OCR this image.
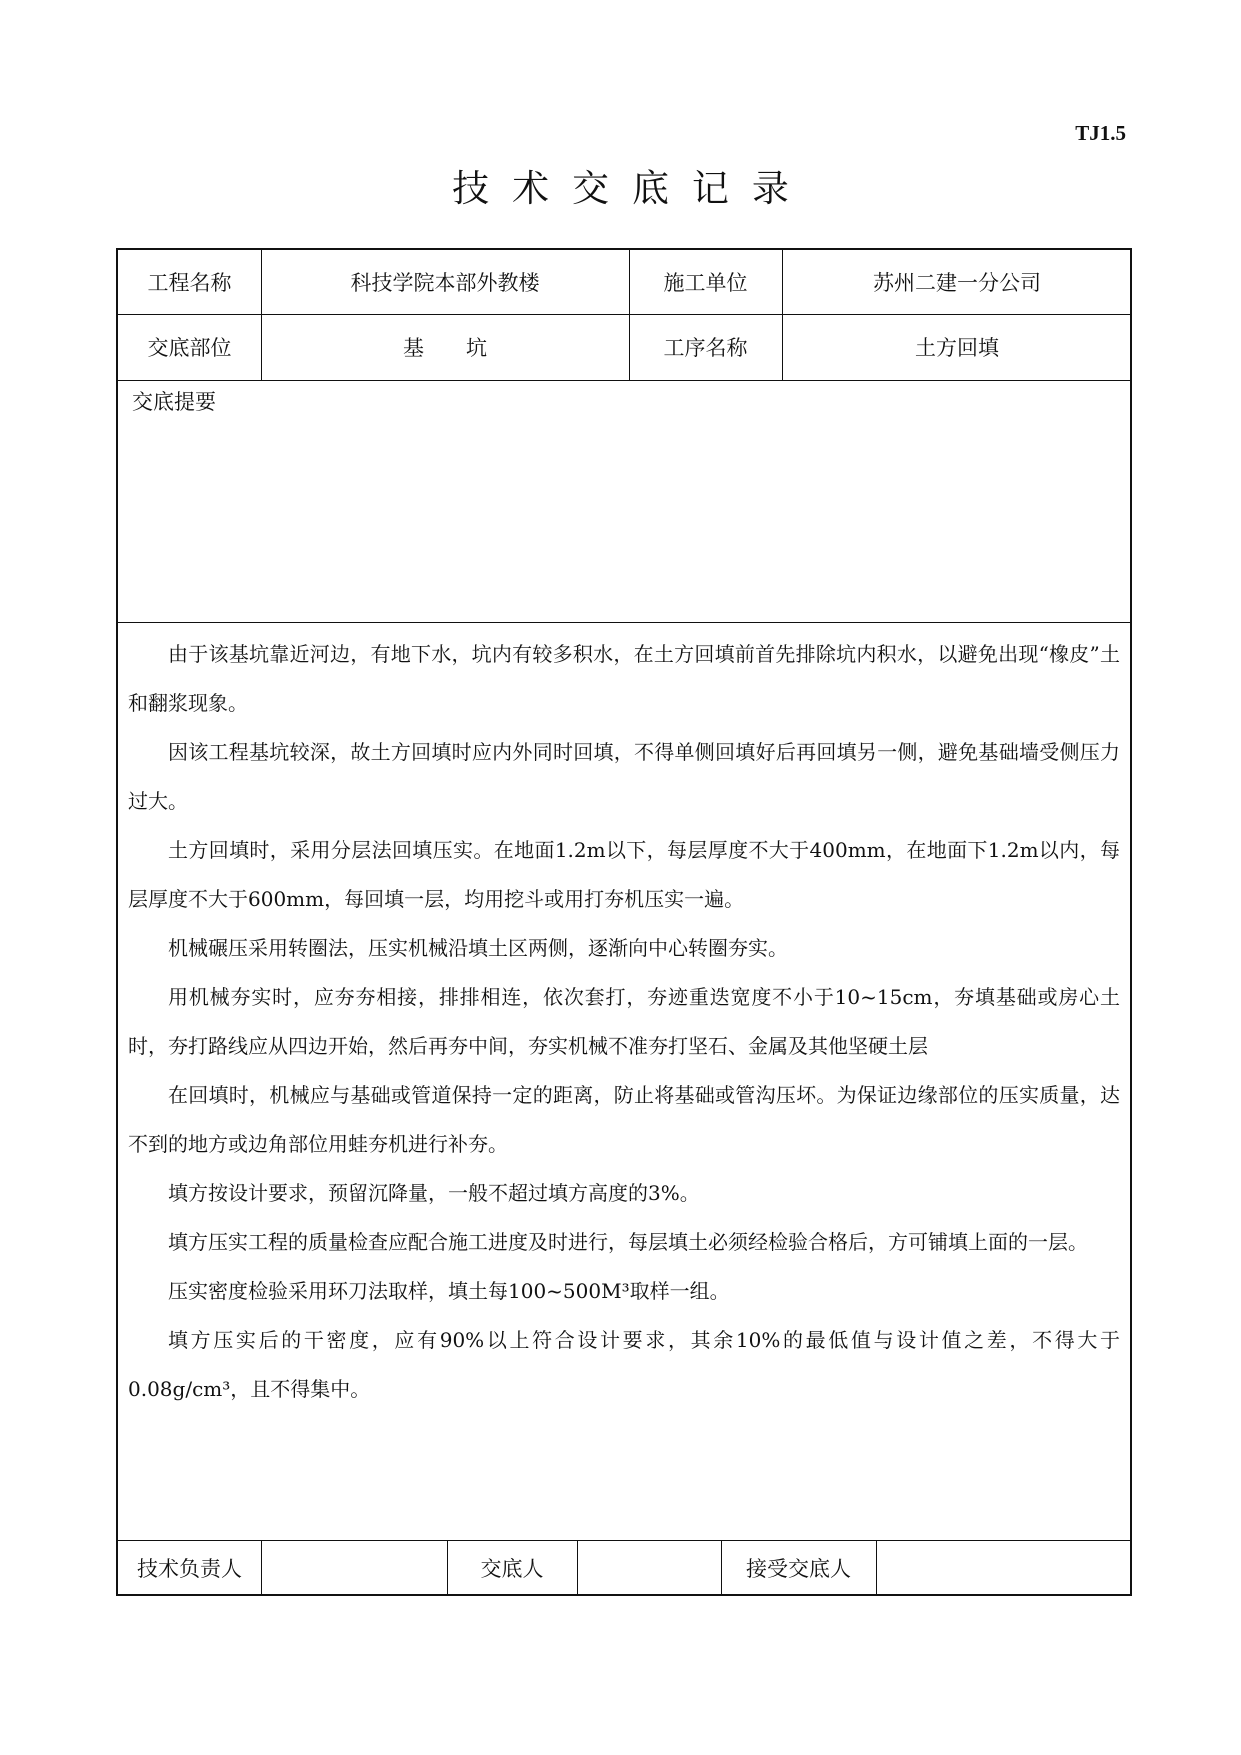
TJ1.5
技术交底记录
工程名称	科技学院本部外教楼	施工单位	苏州二建一分公司
交底部位	基　　坑	工序名称	土方回填
交底提要

由于该基坑靠近河边，有地下水，坑内有较多积水，在土方回填前首先排除坑内积水，以避免出现“橡皮”土和翻浆现象。

因该工程基坑较深，故土方回填时应内外同时回填，不得单侧回填好后再回填另一侧，避免基础墙受侧压力过大。

土方回填时，采用分层法回填压实。在地面1.2m以下，每层厚度不大于400mm，在地面下1.2m以内，每层厚度不大于600mm，每回填一层，均用挖斗或用打夯机压实一遍。

机械碾压采用转圈法，压实机械沿填土区两侧，逐渐向中心转圈夯实。

用机械夯实时，应夯夯相接，排排相连，依次套打，夯迹重迭宽度不小于10~15cm，夯填基础或房心土时，夯打路线应从四边开始，然后再夯中间，夯实机械不准夯打坚石、金属及其他坚硬土层

在回填时，机械应与基础或管道保持一定的距离，防止将基础或管沟压坏。为保证边缘部位的压实质量，达不到的地方或边角部位用蛙夯机进行补夯。

填方按设计要求，预留沉降量，一般不超过填方高度的3%。

填方压实工程的质量检查应配合施工进度及时进行，每层填土必须经检验合格后，方可铺填上面的一层。

压实密度检验采用环刀法取样，填土每100~500M³取样一组。

填方压实后的干密度，应有90%以上符合设计要求，其余10%的最低值与设计值之差，不得大于0.08g/cm³，且不得集中。

技术负责人	交底人	接受交底人
